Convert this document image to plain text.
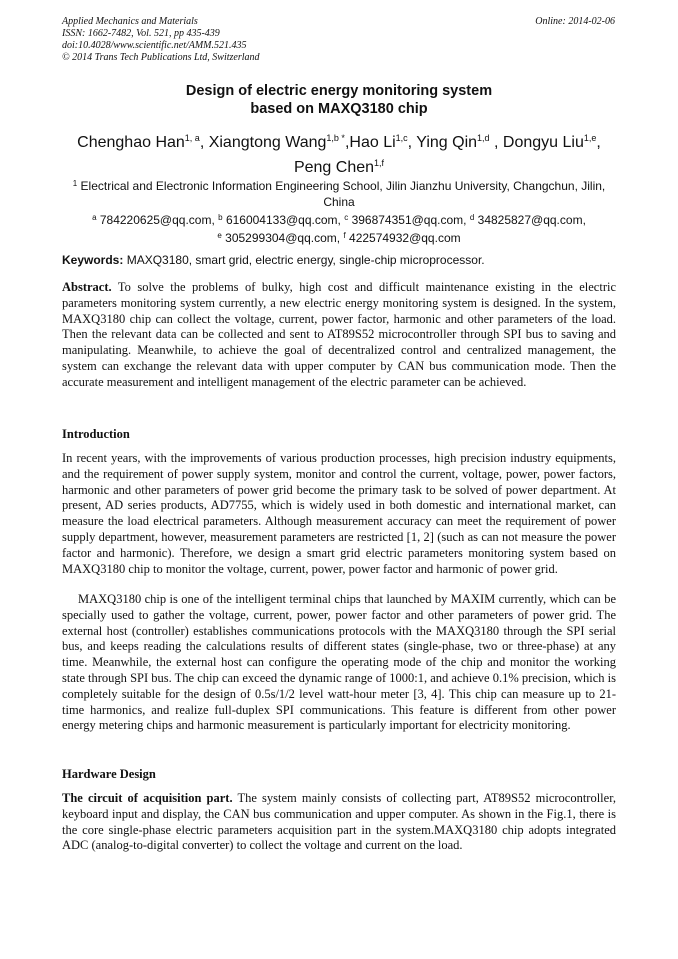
Applied Mechanics and Materials
ISSN: 1662-7482, Vol. 521, pp 435-439
doi:10.4028/www.scientific.net/AMM.521.435
© 2014 Trans Tech Publications Ltd, Switzerland
Online: 2014-02-06
Design of electric energy monitoring system
based on MAXQ3180 chip
Chenghao Han$^{1, a}$, Xiangtong Wang$^{1,b *}$,Hao Li$^{1,c}$, Ying Qin$^{1,d}$ , Dongyu Liu$^{1,e}$,
Peng Chen$^{1,f}$
$^1$ Electrical and Electronic Information Engineering School, Jilin Jianzhu University, Changchun, Jilin, China
$^a$ 784220625@qq.com, $^b$ 616004133@qq.com, $^c$ 396874351@qq.com, $^d$ 34825827@qq.com,
$^e$ 305299304@qq.com, $^f$ 422574932@qq.com
Keywords: MAXQ3180, smart grid, electric energy, single-chip microprocessor.
Abstract. To solve the problems of bulky, high cost and difficult maintenance existing in the electric parameters monitoring system currently, a new electric energy monitoring system is designed. In the system, MAXQ3180 chip can collect the voltage, current, power factor, harmonic and other parameters of the load. Then the relevant data can be collected and sent to AT89S52 microcontroller through SPI bus to saving and manipulating. Meanwhile, to achieve the goal of decentralized control and centralized management, the system can exchange the relevant data with upper computer by CAN bus communication mode. Then the accurate measurement and intelligent management of the electric parameter can be achieved.
Introduction
In recent years, with the improvements of various production processes, high precision industry equipments, and the requirement of power supply system, monitor and control the current, voltage, power, power factors, harmonic and other parameters of power grid become the primary task to be solved of power department. At present, AD series products, AD7755, which is widely used in both domestic and international market, can measure the load electrical parameters. Although measurement accuracy can meet the requirement of power supply department, however, measurement parameters are restricted [1, 2] (such as can not measure the power factor and harmonic). Therefore, we design a smart grid electric parameters monitoring system based on MAXQ3180 chip to monitor the voltage, current, power, power factor and harmonic of power grid.
MAXQ3180 chip is one of the intelligent terminal chips that launched by MAXIM currently, which can be specially used to gather the voltage, current, power, power factor and other parameters of power grid. The external host (controller) establishes communications protocols with the MAXQ3180 through the SPI serial bus, and keeps reading the calculations results of different states (single-phase, two or three-phase) at any time. Meanwhile, the external host can configure the operating mode of the chip and monitor the working state through SPI bus. The chip can exceed the dynamic range of 1000:1, and achieve 0.1% precision, which is completely suitable for the design of 0.5s/1/2 level watt-hour meter [3, 4]. This chip can measure up to 21-time harmonics, and realize full-duplex SPI communications. This feature is different from other power energy metering chips and harmonic measurement is particularly important for electricity monitoring.
Hardware Design
The circuit of acquisition part. The system mainly consists of collecting part, AT89S52 microcontroller, keyboard input and display, the CAN bus communication and upper computer. As shown in the Fig.1, there is the core single-phase electric parameters acquisition part in the system.MAXQ3180 chip adopts integrated ADC (analog-to-digital converter) to collect the voltage and current on the load.
